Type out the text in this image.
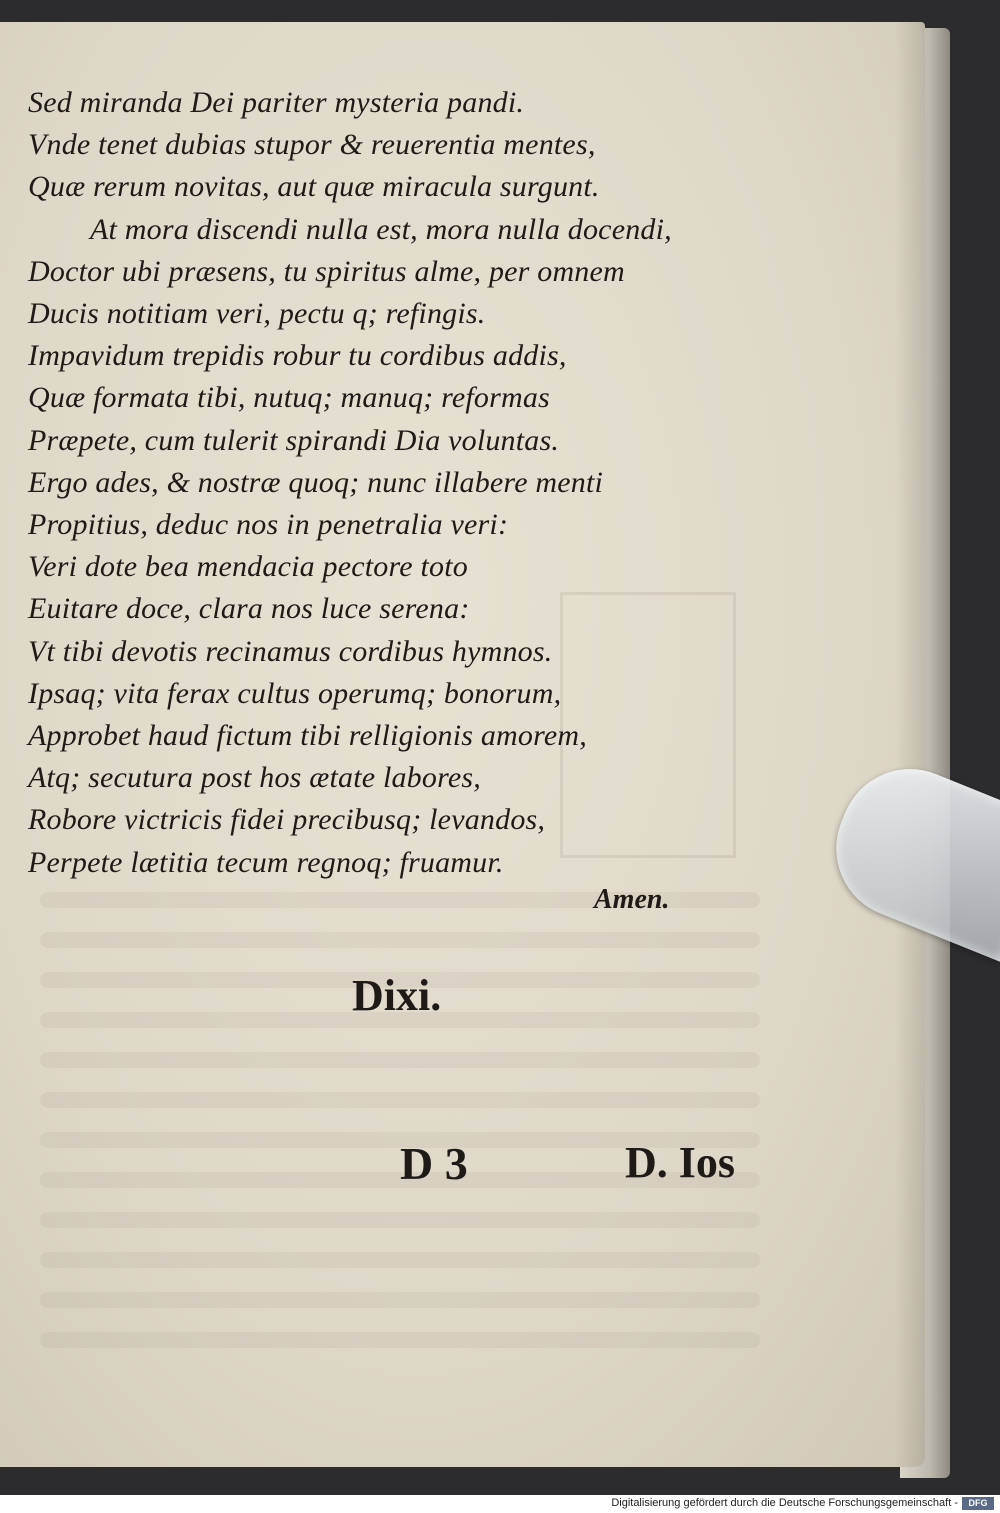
Sed miranda Dei pariter mysteria pandi.
Vnde tenet dubias stupor & reuerentia mentes,
Quæ rerum novitas, aut quæ miracula surgunt.
At mora discendi nulla est, mora nulla docendi,
Doctor ubi præsens, tu spiritus alme, per omnem
Ducis notitiam veri, pectu q; refingis.
Impavidum trepidis robur tu cordibus addis,
Quæ formata tibi, nutuq; manuq; reformas
Præpete, cum tulerit spirandi Dia voluntas.
Ergo ades, & nostræ quoq; nunc illabere menti
Propitius, deduc nos in penetralia veri:
Veri dote bea mendacia pectore toto
Euitare doce, clara nos luce serena:
Vt tibi devotis recinamus cordibus hymnos.
Ipsaq; vita ferax cultus operumq; bonorum,
Approbet haud fictum tibi relligionis amorem,
Atq; secutura post hos ætate labores,
Robore victricis fidei precibusq; levandos,
Perpete lætitia tecum regnoq; fruamur.
Amen.
Dixi.
D 3	D. Ios
Digitalisierung gefördert durch die Deutsche Forschungsgemeinschaft -	DFG
